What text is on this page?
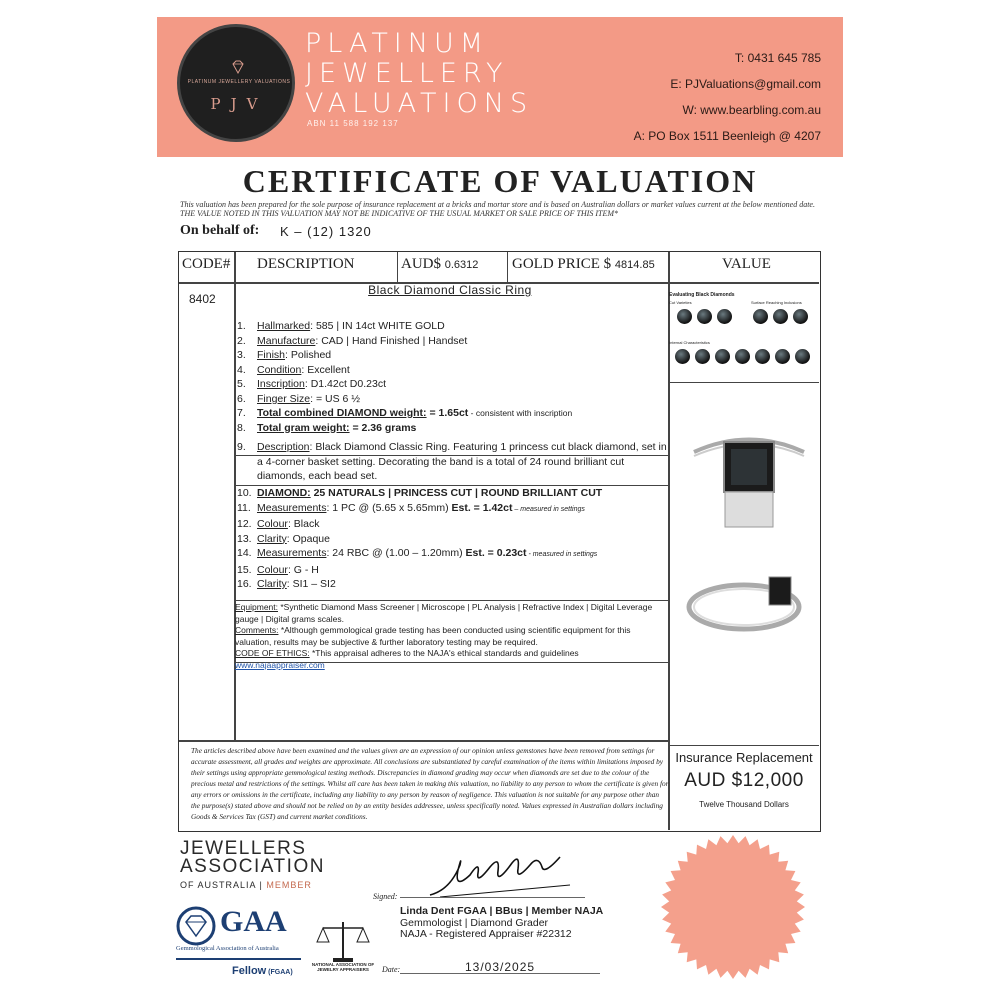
PLATINUM JEWELLERY VALUATIONS
PJV
PLATINUM
JEWELLERY
VALUATIONS
ABN 11 588 192 137
T: 0431 645 785
E: PJValuations@gmail.com
W: www.bearbling.com.au
A: PO Box 1511 Beenleigh @ 4207
CERTIFICATE OF VALUATION
This valuation has been prepared for the sole purpose of insurance replacement at a bricks and mortar store and is based on Australian dollars or market values current at the below mentioned date.
THE VALUE NOTED IN THIS VALUATION MAY NOT BE INDICATIVE OF THE USUAL MARKET OR SALE PRICE OF THIS ITEM*
On behalf of: K – (12) 1320
CODE# DESCRIPTION	AUD$ 0.6312 GOLD PRICE $ 4814.85	VALUE
8402
Black Diamond Classic Ring
1. Hallmarked: 585 | IN 14ct WHITE GOLD
2. Manufacture: CAD | Hand Finished | Handset
3. Finish: Polished
4. Condition: Excellent
5. Inscription: D1.42ct D0.23ct
6. Finger Size: = US 6 ½
7. Total combined DIAMOND weight: = 1.65ct - consistent with inscription
8. Total gram weight: = 2.36 grams
9. Description: Black Diamond Classic Ring. Featuring 1 princess cut black diamond, set in
a 4-corner basket setting. Decorating the band is a total of 24 round brilliant cut
diamonds, each bead set.
10. DIAMOND: 25 NATURALS | PRINCESS CUT | ROUND BRILLIANT CUT
11. Measurements: 1 PC @ (5.65 x 5.65mm) Est. = 1.42ct – measured in settings
12. Colour: Black
13. Clarity: Opaque
14. Measurements: 24 RBC @ (1.00 – 1.20mm) Est. = 0.23ct - measured in settings
15. Colour: G - H
16. Clarity: SI1 – SI2
Equipment: *Synthetic Diamond Mass Screener | Microscope | PL Analysis | Refractive Index | Digital Leverage gauge | Digital grams scales.
Comments: *Although gemmological grade testing has been conducted using scientific equipment for this valuation, results may be subjective & further laboratory testing may be required.
CODE OF ETHICS: *This appraisal adheres to the NAJA's ethical standards and guidelines www.najaappraiser.com
The articles described above have been examined and the values given are an expression of our opinion unless gemstones have been removed from settings for accurate assessment, all grades and weights are approximate. All conclusions are substantiated by careful examination of the items within limitations imposed by their settings using appropriate gemmological testing methods. Discrepancies in diamond grading may occur when diamonds are set due to the colour of the precious metal and restrictions of the settings. Whilst all care has been taken in making this valuation, no liability to any person to whom the certificate is given for any errors or omissions in the certificate, including any liability to any person by reason of negligence. This valuation is not suitable for any purpose other than the purpose(s) stated above and should not be relied on by an entity besides addressee, unless specifically noted. Values expressed in Australian dollars including Goods & Services Tax (GST) and current market conditions.
Evaluating Black Diamonds
Cut Varieties	Surface Reaching Inclusions
Internal Characteristics
Insurance Replacement
AUD $12,000
Twelve Thousand Dollars
JEWELLERS
ASSOCIATION
OF AUSTRALIA | MEMBER
GAA
Gemmological Association of Australia
Fellow (FGAA)
NATIONAL ASSOCIATION OF JEWELRY APPRAISERS
Signed:
Linda Dent FGAA | BBus | Member NAJA
Gemmologist | Diamond Grader
NAJA - Registered Appraiser #22312
Date:	13/03/2025
